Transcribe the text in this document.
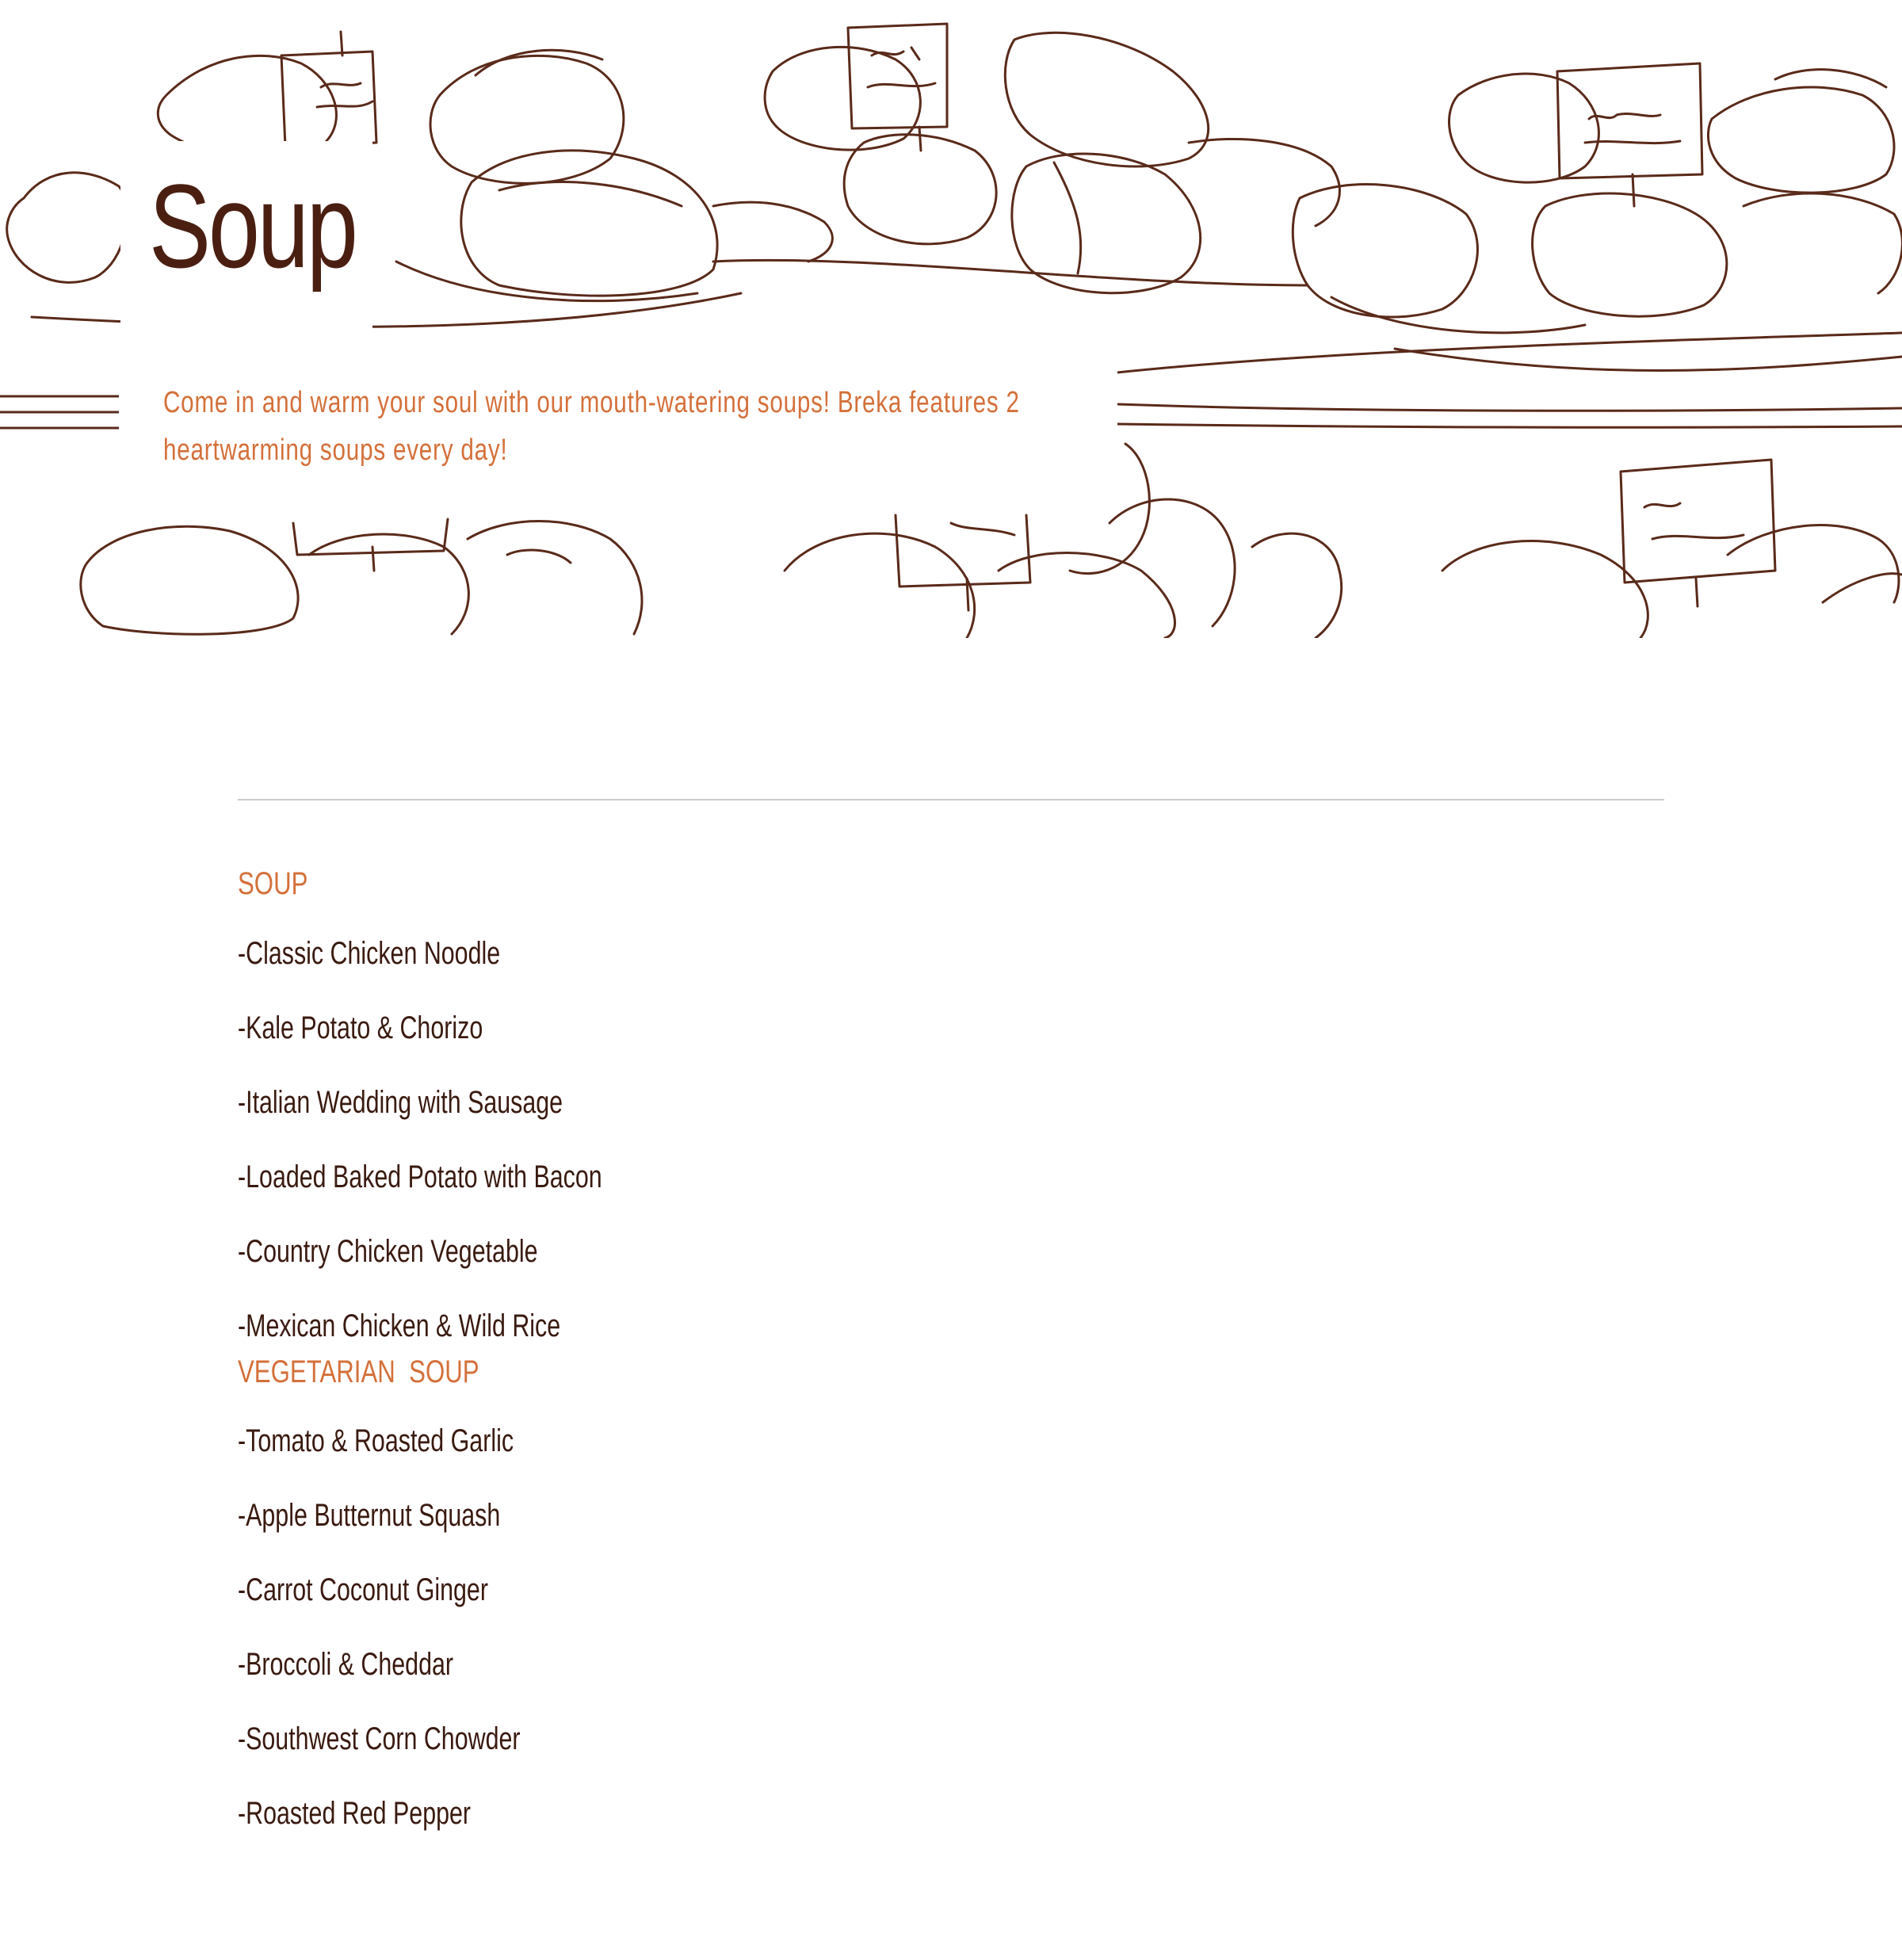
Soup

Come in and warm your soul with our mouth-watering soups! Breka features 2 heartwarming soups every day!

SOUP

-Classic Chicken Noodle

-Kale Potato & Chorizo

-Italian Wedding with Sausage

-Loaded Baked Potato with Bacon

-Country Chicken Vegetable

-Mexican Chicken & Wild Rice

VEGETARIAN  SOUP

-Tomato & Roasted Garlic

-Apple Butternut Squash

-Carrot Coconut Ginger

-Broccoli & Cheddar

-Southwest Corn Chowder

-Roasted Red Pepper
